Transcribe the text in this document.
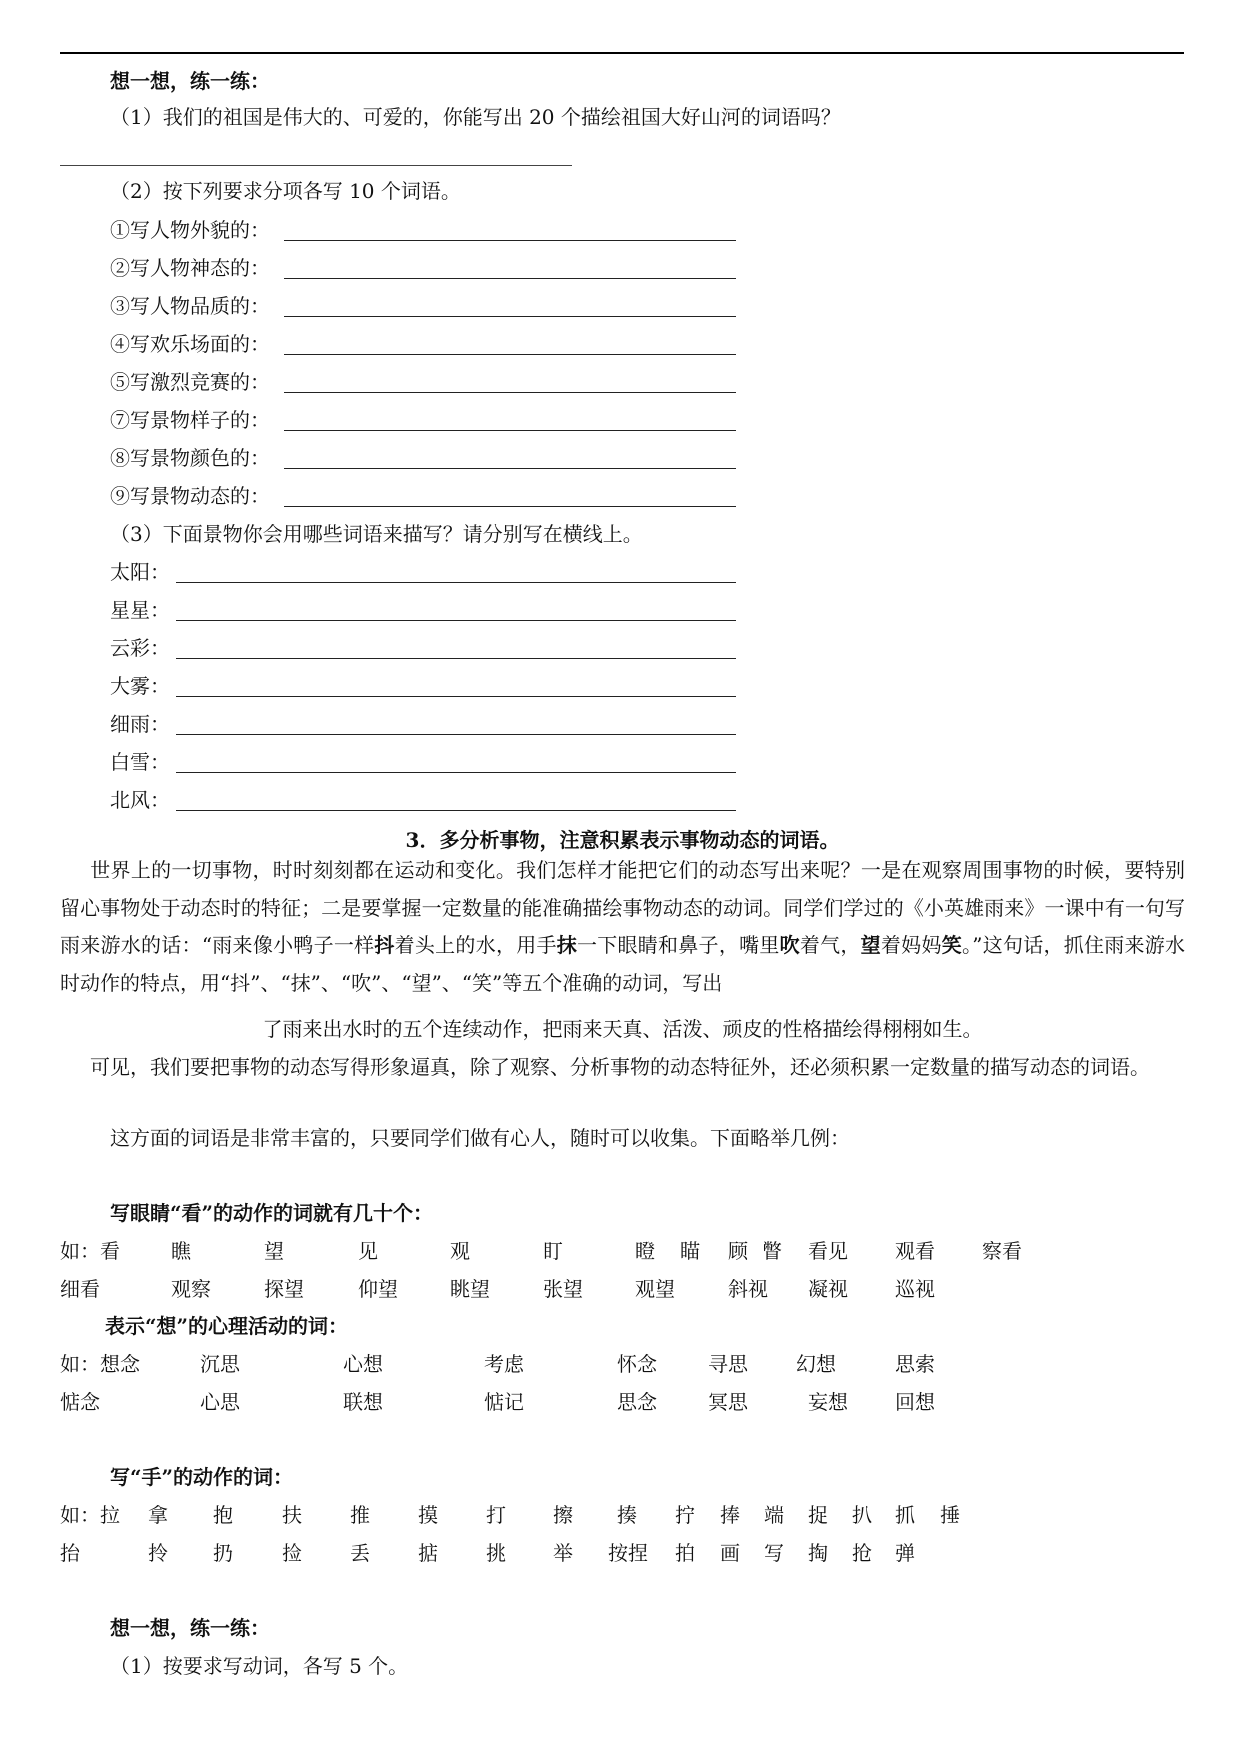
想一想，练一练：
（1）我们的祖国是伟大的、可爱的，你能写出 20 个描绘祖国大好山河的词语吗？
（2）按下列要求分项各写 10 个词语。
①写人物外貌的：
②写人物神态的：
③写人物品质的：
④写欢乐场面的：
⑤写激烈竞赛的：
⑦写景物样子的：
⑧写景物颜色的：
⑨写景物动态的：
（3）下面景物你会用哪些词语来描写？请分别写在横线上。
太阳：
星星：
云彩：
大雾：
细雨：
白雪：
北风：
3．多分析事物，注意积累表示事物动态的词语。
世界上的一切事物，时时刻刻都在运动和变化。我们怎样才能把它们的动态写出来呢？一是在观察周围事物的时候，要特别留心事物处于动态时的特征；二是要掌握一定数量的能准确描绘事物动态的动词。同学们学过的《小英雄雨来》一课中有一句写雨来游水的话：“雨来像小鸭子一样抖着头上的水，用手抹一下眼睛和鼻子，嘴里吹着气，望着妈妈笑。”这句话，抓住雨来游水时动作的特点，用“抖”、“抹”、“吹”、“望”、“笑”等五个准确的动词，写出
了雨来出水时的五个连续动作，把雨来天真、活泼、顽皮的性格描绘得栩栩如生。
可见，我们要把事物的动态写得形象逼真，除了观察、分析事物的动态特征外，还必须积累一定数量的描写动态的词语。
这方面的词语是非常丰富的，只要同学们做有心人，随时可以收集。下面略举几例：
写眼睛“看”的动作的词就有几十个：
如：看	瞧	望	见	观	盯	瞪 瞄 顾 瞥 看见 观看 察看
细看	观察	探望	仰望	眺望	张望	观望	斜视 凝视 巡视
表示“想”的心理活动的词：
如：想念	沉思	心想	考虑	怀念	寻思 幻想	思索
惦念	心思	联想	惦记	思念	冥思	妄想 回想
写“手”的动作的词：
如：拉 拿 抱 扶 推 摸 打 擦 揍 拧 捧 端 捉 扒 抓 捶
抬	拎 扔 捡 丢 掂 挑 举 按捏 拍 画 写 掏 抢 弹
想一想，练一练：
（1）按要求写动词，各写 5 个。
